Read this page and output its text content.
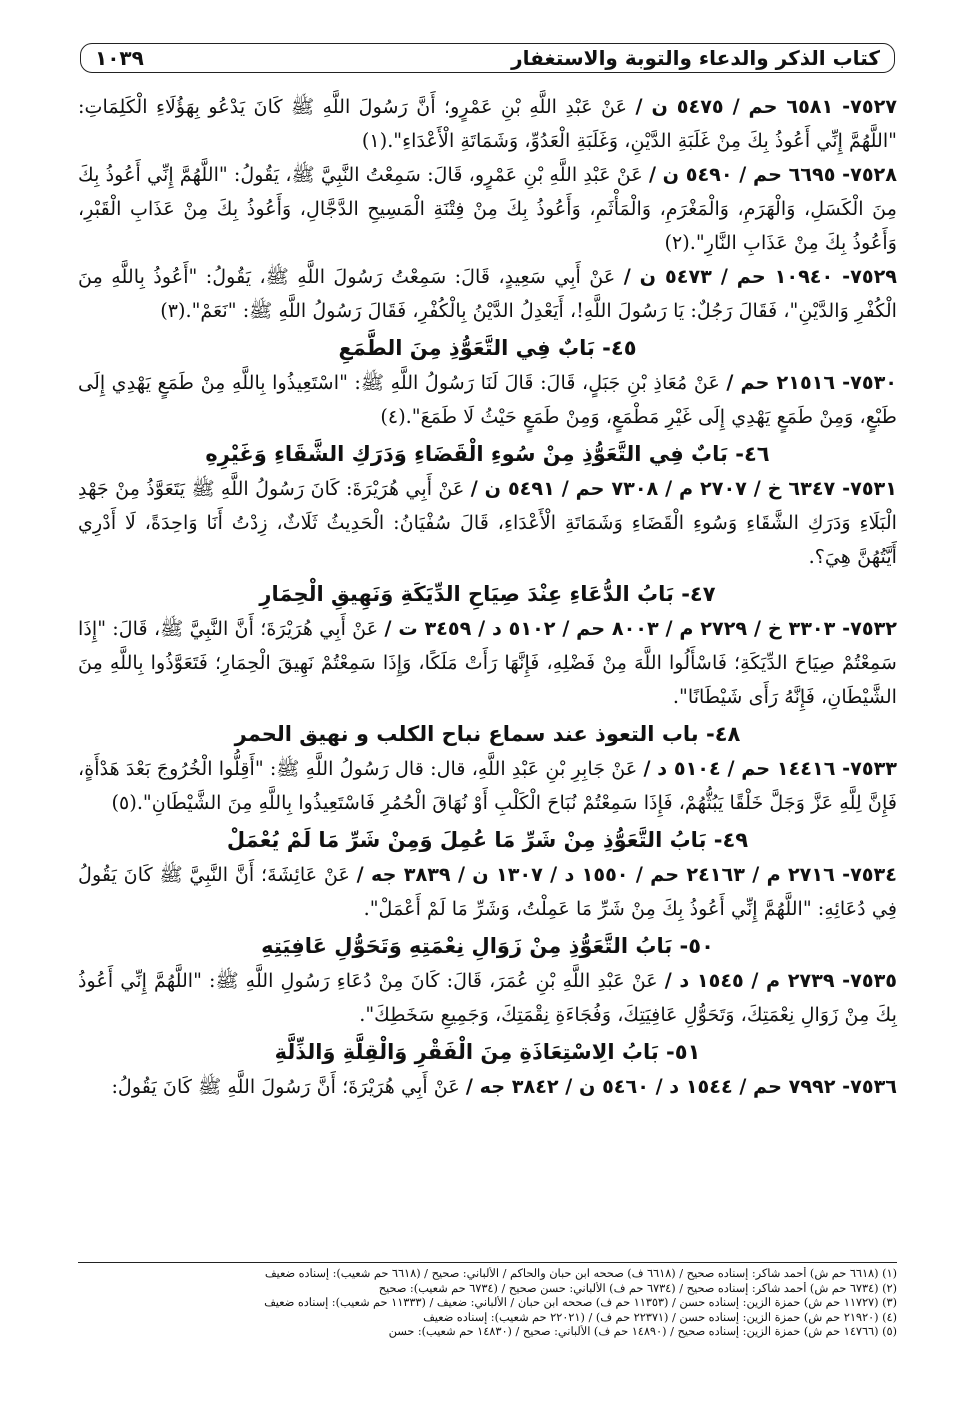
كتاب الذكر والدعاء والتوبة والاستغفار
١٠٣٩

٧٥٢٧- ٦٥٨١ حم / ٥٤٧٥ ن / عَنْ عَبْدِ اللَّهِ بْنِ عَمْرٍو؛ أَنَّ رَسُولَ اللَّهِ ﷺ كَانَ يَدْعُو بِهَؤُلَاءِ الْكَلِمَاتِ: "اللَّهُمَّ إِنِّي أَعُوذُ بِكَ مِنْ غَلَبَةِ الدَّيْنِ، وَغَلَبَةِ الْعَدُوِّ، وَشَمَاتَةِ الْأَعْدَاءِ".(١)

٧٥٢٨- ٦٦٩٥ حم / ٥٤٩٠ ن / عَنْ عَبْدِ اللَّهِ بْنِ عَمْرٍو، قَالَ: سَمِعْتُ النَّبِيَّ ﷺ، يَقُولُ: "اللَّهُمَّ إِنِّي أَعُوذُ بِكَ مِنَ الْكَسَلِ، وَالْهَرَمِ، وَالْمَغْرَمِ، وَالْمَأْثَمِ، وَأَعُوذُ بِكَ مِنْ فِتْنَةِ الْمَسِيحِ الدَّجَّالِ، وَأَعُوذُ بِكَ مِنْ عَذَابِ الْقَبْرِ، وَأَعُوذُ بِكَ مِنْ عَذَابِ النَّارِ".(٢)

٧٥٢٩- ١٠٩٤٠ حم / ٥٤٧٣ ن / عَنْ أَبِي سَعِيدٍ، قَالَ: سَمِعْتُ رَسُولَ اللَّهِ ﷺ، يَقُولُ: "أَعُوذُ بِاللَّهِ مِنَ الْكُفْرِ وَالدَّيْنِ"، فَقَالَ رَجُلٌ: يَا رَسُولَ اللَّهِ!، أَيَعْدِلُ الدَّيْنُ بِالْكُفْرِ، فَقَالَ رَسُولُ اللَّهِ ﷺ: "نَعَمْ".(٣)

٤٥- بَابٌ فِي التَّعَوُّذِ مِنَ الطَّمَعِ

٧٥٣٠- ٢١٥١٦ حم / عَنْ مُعَاذِ بْنِ جَبَلٍ، قَالَ: قَالَ لَنَا رَسُولُ اللَّهِ ﷺ: "اسْتَعِيذُوا بِاللَّهِ مِنْ طَمَعٍ يَهْدِي إِلَى طَبْعٍ، وَمِنْ طَمَعٍ يَهْدِي إِلَى غَيْرِ مَطْمَعٍ، وَمِنْ طَمَعٍ حَيْثُ لَا طَمَعَ".(٤)

٤٦- بَابٌ فِي التَّعَوُّذِ مِنْ سُوءِ الْقَضَاءِ وَدَرَكِ الشَّقَاءِ وَغَيْرِهِ

٧٥٣١- ٦٣٤٧ خ / ٢٧٠٧ م / ٧٣٠٨ حم / ٥٤٩١ ن / عَنْ أَبِي هُرَيْرَةَ: كَانَ رَسُولُ اللَّهِ ﷺ يَتَعَوَّذُ مِنْ جَهْدِ الْبَلَاءِ وَدَرَكِ الشَّقَاءِ وَسُوءِ الْقَضَاءِ وَشَمَاتَةِ الْأَعْدَاءِ، قَالَ سُفْيَانُ: الْحَدِيثُ ثَلَاثٌ، زِدْتُ أَنَا وَاحِدَةً، لَا أَدْرِي أَيَّتُهُنَّ هِيَ؟.

٤٧- بَابُ الدُّعَاءِ عِنْدَ صِيَاحِ الدِّيَكَةِ وَنَهِيقِ الْحِمَارِ

٧٥٣٢- ٣٣٠٣ خ / ٢٧٢٩ م / ٨٠٠٣ حم / ٥١٠٢ د / ٣٤٥٩ ت / عَنْ أَبِي هُرَيْرَةَ؛ أَنَّ النَّبِيَّ ﷺ، قَالَ: "إِذَا سَمِعْتُمْ صِيَاحَ الدِّيَكَةِ؛ فَاسْأَلُوا اللَّهَ مِنْ فَضْلِهِ، فَإِنَّهَا رَأَتْ مَلَكًا، وَإِذَا سَمِعْتُمْ نَهِيقَ الْحِمَارِ؛ فَتَعَوَّذُوا بِاللَّهِ مِنَ الشَّيْطَانِ، فَإِنَّهُ رَأَى شَيْطَانًا".

٤٨- باب التعوذ عند سماع نباح الكلب و نهيق الحمر

٧٥٣٣- ١٤٤١٦ حم / ٥١٠٤ د / عَنْ جَابِرِ بْنِ عَبْدِ اللَّهِ، قال: قال رَسُولُ اللَّهِ ﷺ: "أَقِلُّوا الْخُرُوجَ بَعْدَ هَدْأَةٍ، فَإِنَّ لِلَّهِ عَزَّ وَجَلَّ خَلْقًا يَبُثُّهُمْ، فَإِذَا سَمِعْتُمْ نُبَاحَ الْكَلْبِ أَوْ نُهَاقَ الْحُمُرِ فَاسْتَعِيذُوا بِاللَّهِ مِنَ الشَّيْطَانِ".(٥)

٤٩- بَابُ التَّعَوُّذِ مِنْ شَرِّ مَا عُمِلَ وَمِنْ شَرِّ مَا لَمْ يُعْمَلْ

٧٥٣٤- ٢٧١٦ م / ٢٤١٦٣ حم / ١٥٥٠ د / ١٣٠٧ ن / ٣٨٣٩ جه / عَنْ عَائِشَةَ؛ أَنَّ النَّبِيَّ ﷺ كَانَ يَقُولُ فِي دُعَائِهِ: "اللَّهُمَّ إِنِّي أَعُوذُ بِكَ مِنْ شَرِّ مَا عَمِلْتُ، وَشَرِّ مَا لَمْ أَعْمَلْ".

٥٠- بَابُ التَّعَوُّذِ مِنْ زَوَالِ نِعْمَتِهِ وَتَحَوُّلِ عَافِيَتِهِ

٧٥٣٥- ٢٧٣٩ م / ١٥٤٥ د / عَنْ عَبْدِ اللَّهِ بْنِ عُمَرَ، قَالَ: كَانَ مِنْ دُعَاءِ رَسُولِ اللَّهِ ﷺ: "اللَّهُمَّ إِنِّي أَعُوذُ بِكَ مِنْ زَوَالِ نِعْمَتِكَ، وَتَحَوُّلِ عَافِيَتِكَ، وَفُجَاءَةِ نِقْمَتِكَ، وَجَمِيعِ سَخَطِكَ".

٥١- بَابُ الِاسْتِعَاذَةِ مِنَ الْفَقْرِ وَالْقِلَّةِ وَالذِّلَّةِ

٧٥٣٦- ٧٩٩٢ حم / ١٥٤٤ د / ٥٤٦٠ ن / ٣٨٤٢ جه / عَنْ أَبِي هُرَيْرَةَ؛ أَنَّ رَسُولَ اللَّهِ ﷺ كَانَ يَقُولُ:

(١) (٦٦١٨ حم ش) أحمد شاكر: إسناده صحيح / (٦٦١٨ ف) صححه ابن حبان والحاكم / الألباني: صحيح / (٦٦١٨ حم شعيب): إسناده ضعيف

(٢) (٦٧٣٤ حم ش) أحمد شاكر: إسناده صحيح / (٦٧٣٤ حم ف) الألباني: حسن صحيح / (٦٧٣٤ حم شعيب): صحيح

(٣) (١١٧٢٧ حم ش) حمزة الزين: إسناده حسن / (١١٣٥٣ حم ف) صححه ابن حبان / الألباني: ضعيف / (١١٣٣٣ حم شعيب): إسناده ضعيف

(٤) (٢١٩٢٠ حم ش) حمزة الزين: إسناده حسن / (٢٢٣٧١ حم ف) / (٢٢٠٢١ حم شعيب): إسناده ضعيف

(٥) (١٤٧٦٦ حم ش) حمزة الزين: إسناده صحيح / (١٤٨٩٠ حم ف) الألباني: صحيح / (١٤٨٣٠ حم شعيب): حسن
